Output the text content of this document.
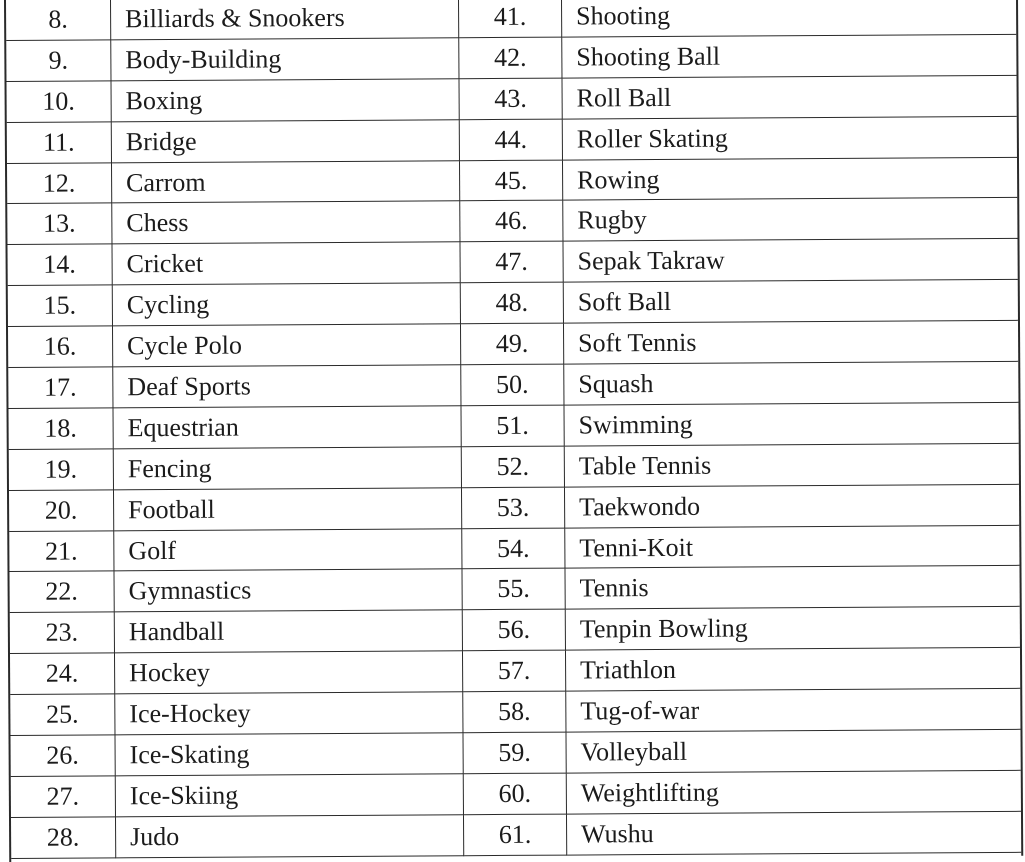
8.	Billiards & Snookers	41.	Shooting
9.	Body-Building	42.	Shooting Ball
10.	Boxing	43.	Roll Ball
11.	Bridge	44.	Roller Skating
12.	Carrom	45.	Rowing
13.	Chess	46.	Rugby
14.	Cricket	47.	Sepak Takraw
15.	Cycling	48.	Soft Ball
16.	Cycle Polo	49.	Soft Tennis
17.	Deaf Sports	50.	Squash
18.	Equestrian	51.	Swimming
19.	Fencing	52.	Table Tennis
20.	Football	53.	Taekwondo
21.	Golf	54.	Tenni-Koit
22.	Gymnastics	55.	Tennis
23.	Handball	56.	Tenpin Bowling
24.	Hockey	57.	Triathlon
25.	Ice-Hockey	58.	Tug-of-war
26.	Ice-Skating	59.	Volleyball
27.	Ice-Skiing	60.	Weightlifting
28.	Judo	61.	Wushu
